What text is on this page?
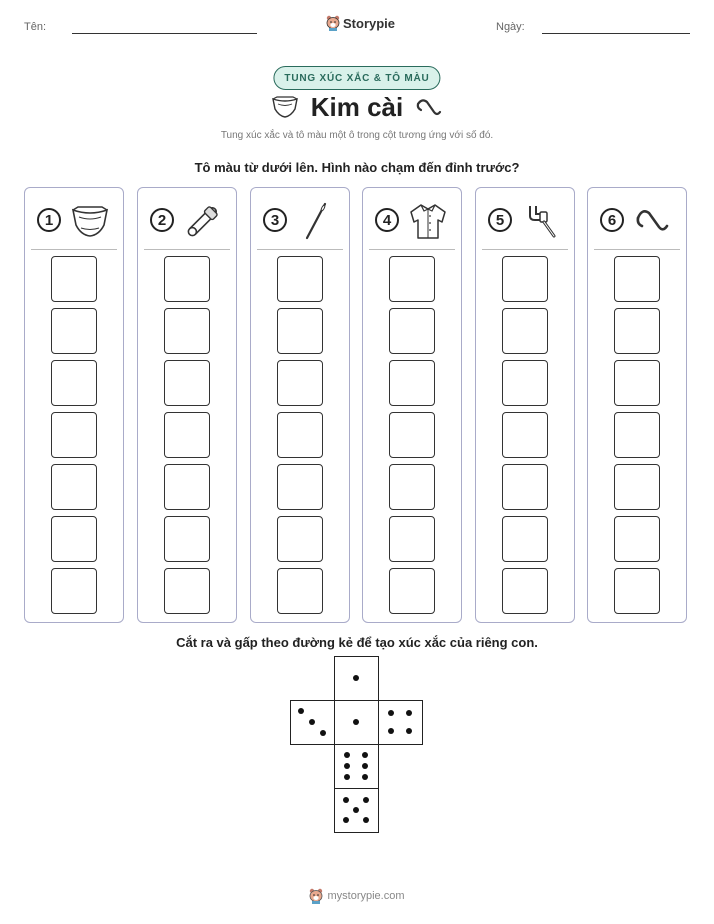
Tên:	Storypie	Ngày:
TUNG XÚC XẮC & TÔ MÀU
Kim cài
Tung xúc xắc và tô màu một ô trong cột tương ứng với số đó.
Tô màu từ dưới lên. Hình nào chạm đến đỉnh trước?
1	2	3	4	5	6
Cắt ra và gấp theo đường kẻ để tạo xúc xắc của riêng con.
mystorypie.com
